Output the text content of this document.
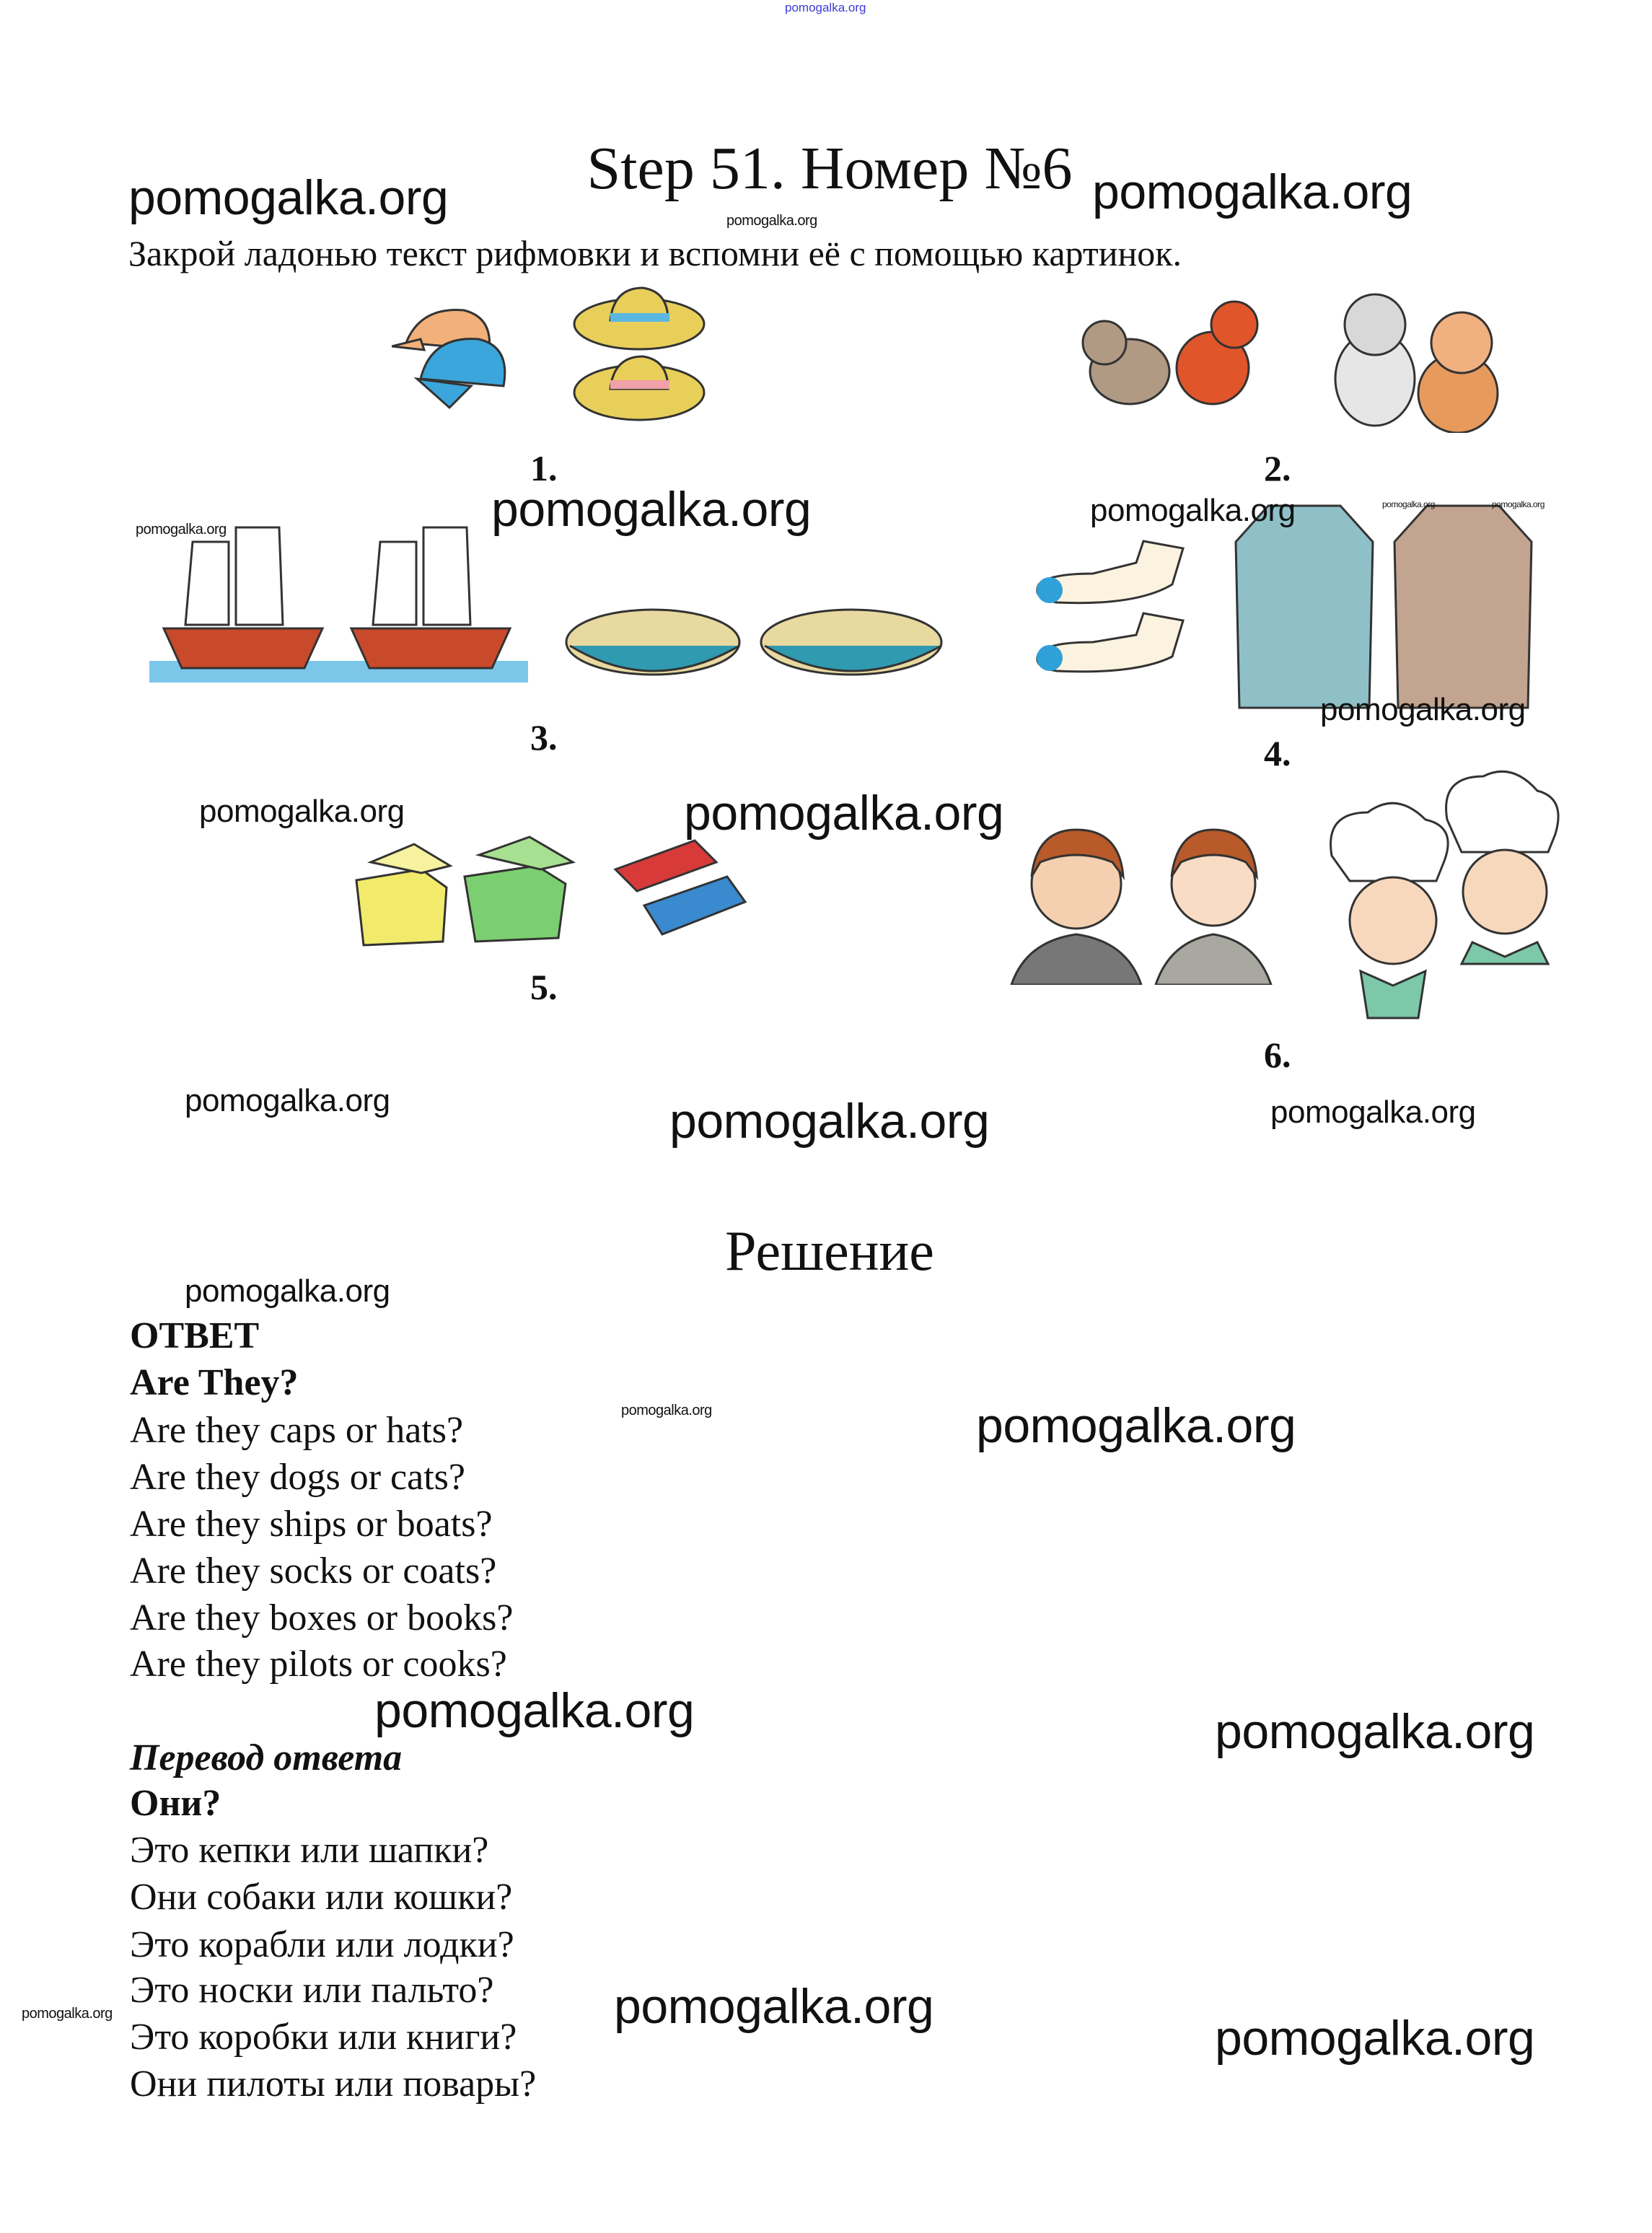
pomogalka.org
Step 51. Номер №6
Закрой ладонью текст рифмовки и вспомни её с помощью картинок.
1.	2.
3.	4.
5.
6.
Решение
ОТВЕТ
Are They?
Are they caps or hats?
Are they dogs or cats?
Are they ships or boats?
Are they socks or coats?
Are they boxes or books?
Are they pilots or cooks?
Перевод ответа
Они?
Это кепки или шапки?
Они собаки или кошки?
Это корабли или лодки?
Это носки или пальто?
Это коробки или книги?
Они пилоты или повары?
pomogalka.org	pomogalka.org
pomogalka.org
pomogalka.org	pomogalka.org
pomogalka.org
pomogalka.org	pomogalka.org
pomogalka.org
pomogalka.org	pomogalka.org
pomogalka.org	pomogalka.org	pomogalka.org
pomogalka.org
pomogalka.org	pomogalka.org
pomogalka.org	pomogalka.org
pomogalka.org	pomogalka.org
pomogalka.org
